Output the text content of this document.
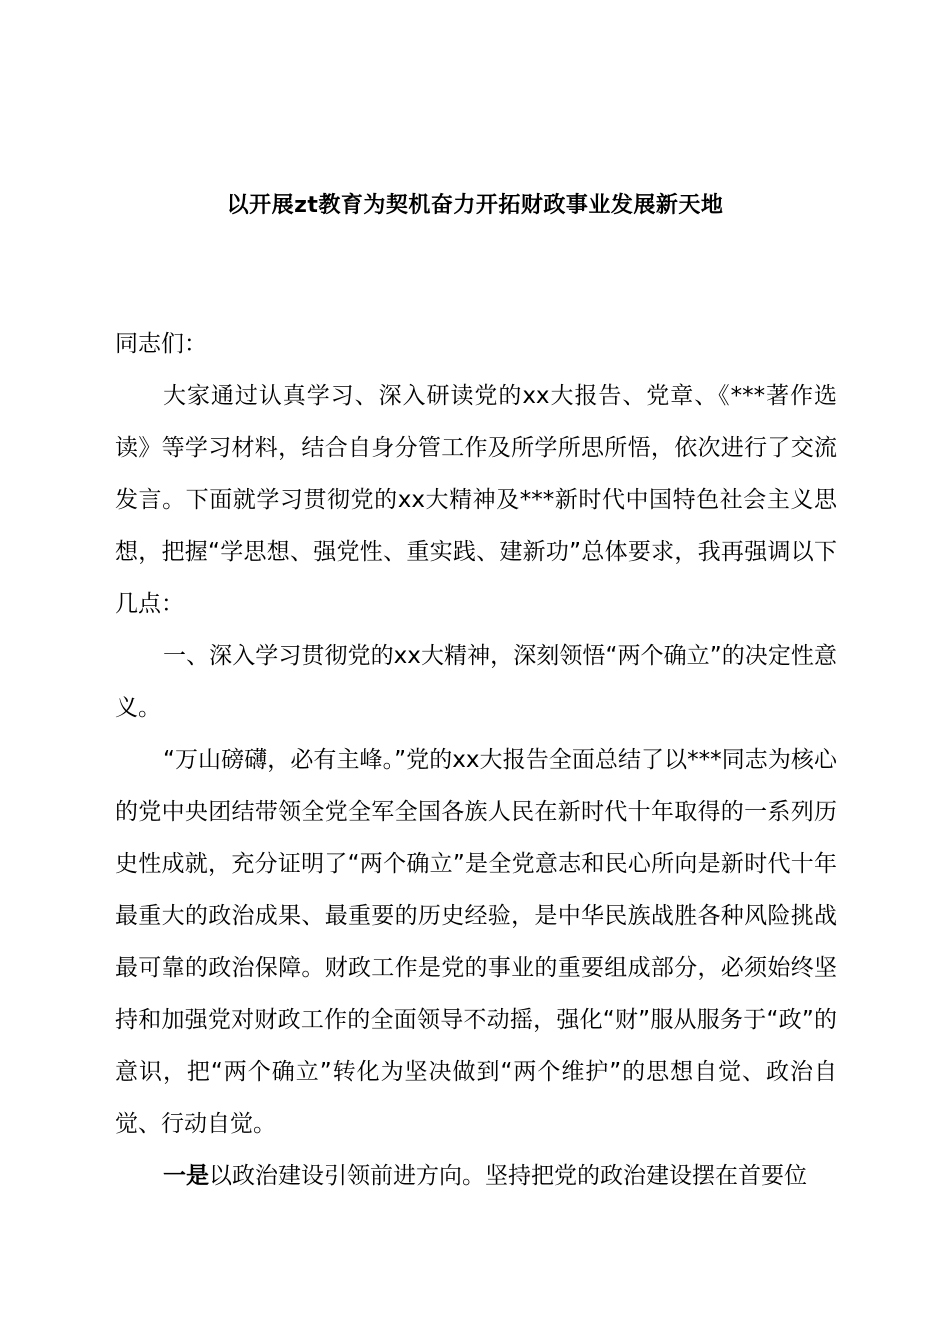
以开展zt教育为契机奋力开拓财政事业发展新天地

同志们：

大家通过认真学习、深入研读党的xx大报告、党章、《***著作选读》等学习材料，结合自身分管工作及所学所思所悟，依次进行了交流发言。下面就学习贯彻党的xx大精神及***新时代中国特色社会主义思想，把握“学思想、强党性、重实践、建新功”总体要求，我再强调以下几点：

一、深入学习贯彻党的xx大精神，深刻领悟“两个确立”的决定性意义。

“万山磅礴，必有主峰。”党的xx大报告全面总结了以***同志为核心的党中央团结带领全党全军全国各族人民在新时代十年取得的一系列历史性成就，充分证明了“两个确立”是全党意志和民心所向是新时代十年最重大的政治成果、最重要的历史经验，是中华民族战胜各种风险挑战最可靠的政治保障。财政工作是党的事业的重要组成部分，必须始终坚持和加强党对财政工作的全面领导不动摇，强化“财”服从服务于“政”的意识，把“两个确立”转化为坚决做到“两个维护”的思想自觉、政治自觉、行动自觉。

一是以政治建设引领前进方向。坚持把党的政治建设摆在首要位
